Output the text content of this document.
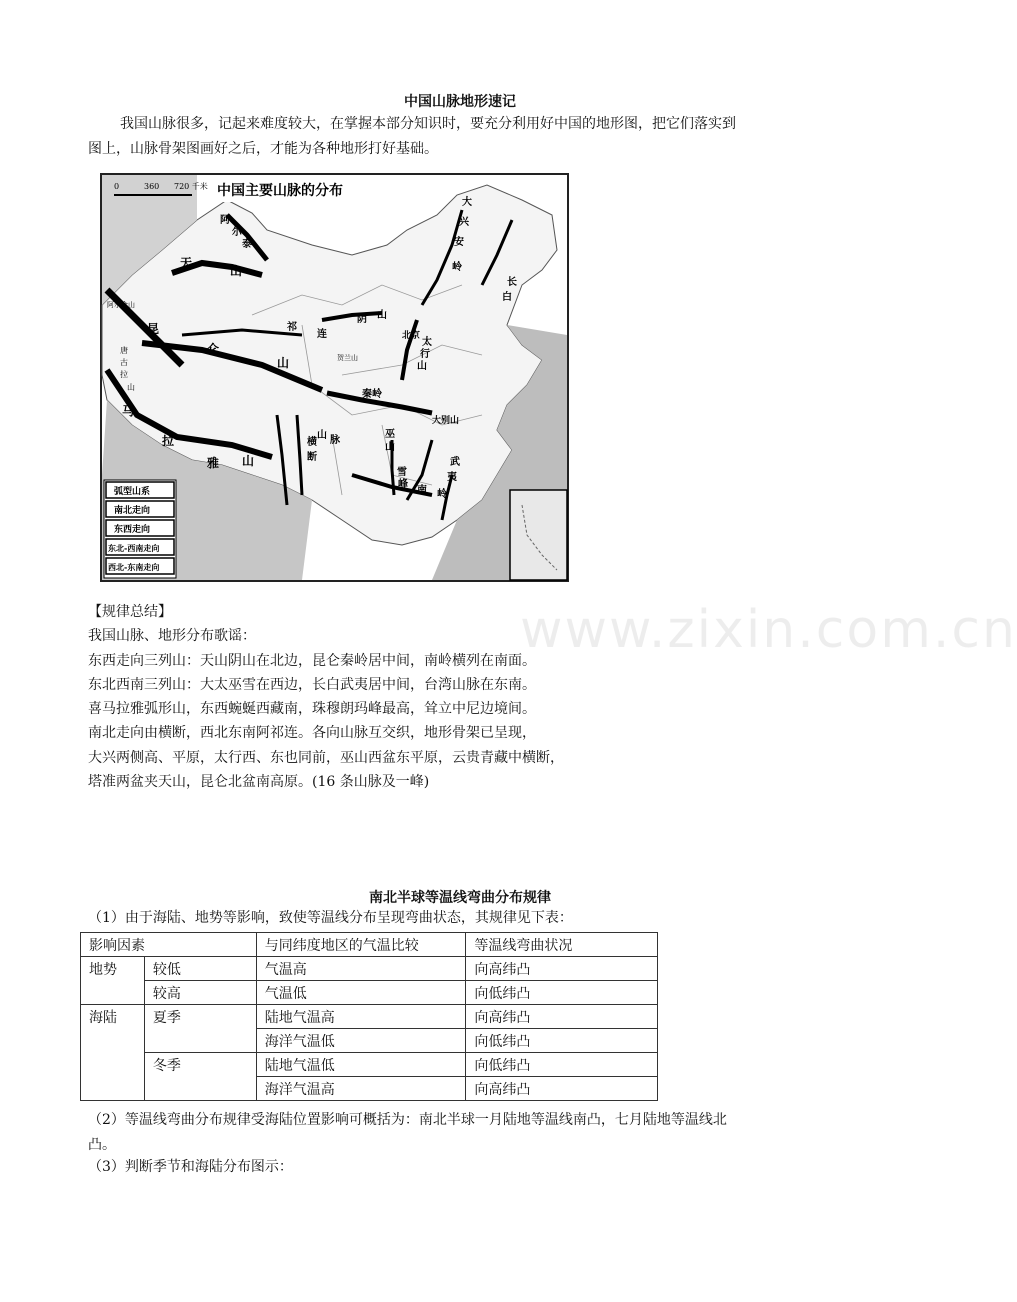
中国山脉地形速记
我国山脉很多，记起来难度较大，在掌握本部分知识时，要充分利用好中国的地形图，把它们落实到
图上，山脉骨架图画好之后，才能为各种地形打好基础。
0	360 720 千米 中国主要山脉的分布
天
山
阿
尔
泰
大
兴
安
岭
长
白
昆
仑
山
祁
连
阴 山
北京
太
行
山
秦岭
大别山
巫
山
雪
峰
南 岭
武
夷
马
拉
雅 山
横
断
山 脉
阿尔金山
唐
古
拉
山
贺兰山
弧型山系
南北走向
东西走向
东北-西南走向
西北-东南走向
【规律总结】
我国山脉、地形分布歌谣：
东西走向三列山：天山阴山在北边，昆仑秦岭居中间，南岭横列在南面。
东北西南三列山：大太巫雪在西边，长白武夷居中间，台湾山脉在东南。
喜马拉雅弧形山，东西蜿蜒西藏南，珠穆朗玛峰最高，耸立中尼边境间。
南北走向由横断，西北东南阿祁连。各向山脉互交织，地形骨架已呈现，
大兴两侧高、平原，太行西、东也同前，巫山西盆东平原，云贵青藏中横断，
塔准两盆夹天山，昆仑北盆南高原。(16 条山脉及一峰)
www.zixin.com.cn
南北半球等温线弯曲分布规律
（1）由于海陆、地势等影响，致使等温线分布呈现弯曲状态，其规律见下表：
影响因素		与同纬度地区的气温比较	等温线弯曲状况
地势	较低	气温高	向高纬凸
	较高	气温低	向低纬凸
海陆	夏季	陆地气温高	向高纬凸
		海洋气温低	向低纬凸
	冬季	陆地气温低	向低纬凸
		海洋气温高	向高纬凸
（2）等温线弯曲分布规律受海陆位置影响可概括为：南北半球一月陆地等温线南凸，七月陆地等温线北
凸。
（3）判断季节和海陆分布图示：
